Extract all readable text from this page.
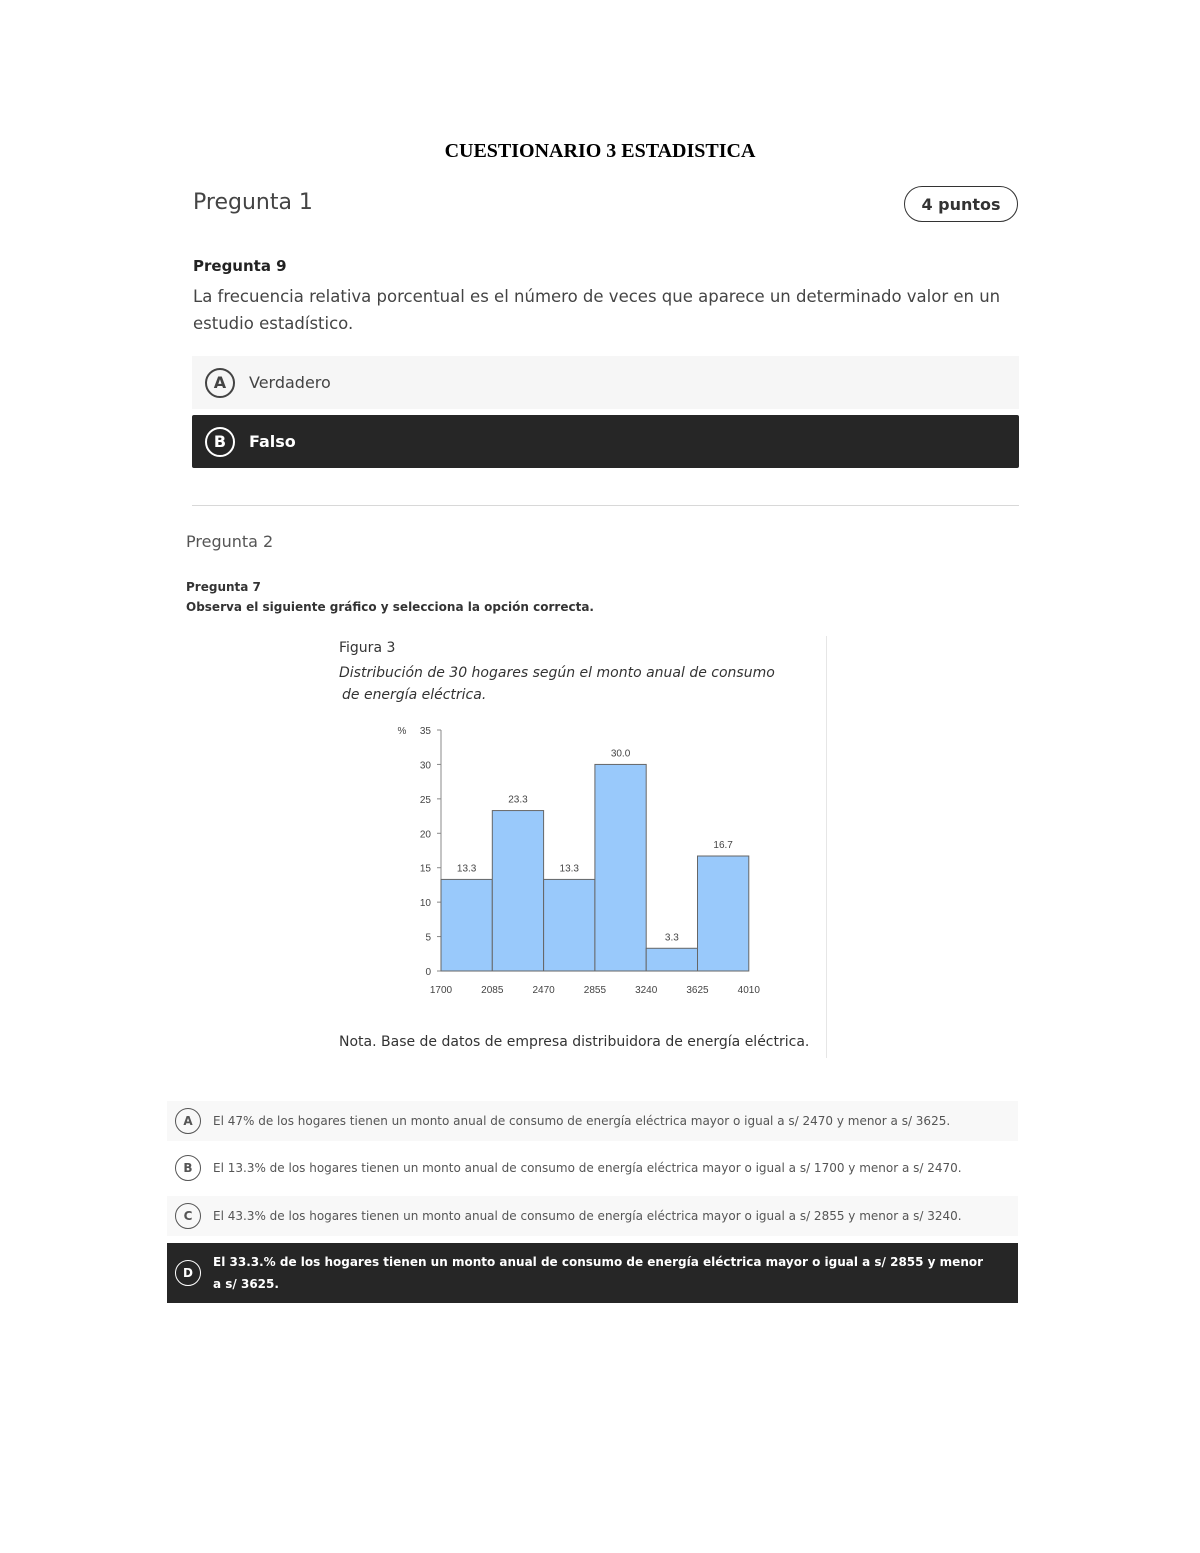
CUESTIONARIO 3 ESTADISTICA
Pregunta 1	4 puntos
Pregunta 9
La frecuencia relativa porcentual es el número de veces que aparece un determinado valor en un estudio estadístico.
A	Verdadero
B	Falso
Pregunta 2
Pregunta 7
Observa el siguiente gráfico y selecciona la opción correcta.
Figura 3
Distribución de 30 hogares según el monto anual de consumo
de energía eléctrica.
0
5
10
15
20
25
30
35
%
13.3
23.3
13.3
30.0
3.3
16.7
1700	2085	2470	2855	3240	3625	4010
Nota. Base de datos de empresa distribuidora de energía eléctrica.
A	El 47% de los hogares tienen un monto anual de consumo de energía eléctrica mayor o igual a s/ 2470 y menor a s/ 3625.
B	El 13.3% de los hogares tienen un monto anual de consumo de energía eléctrica mayor o igual a s/ 1700 y menor a s/ 2470.
C	El 43.3% de los hogares tienen un monto anual de consumo de energía eléctrica mayor o igual a s/ 2855 y menor a s/ 3240.
D
El 33.3.% de los hogares tienen un monto anual de consumo de energía eléctrica mayor o igual a s/ 2855 y menor a s/ 3625.
